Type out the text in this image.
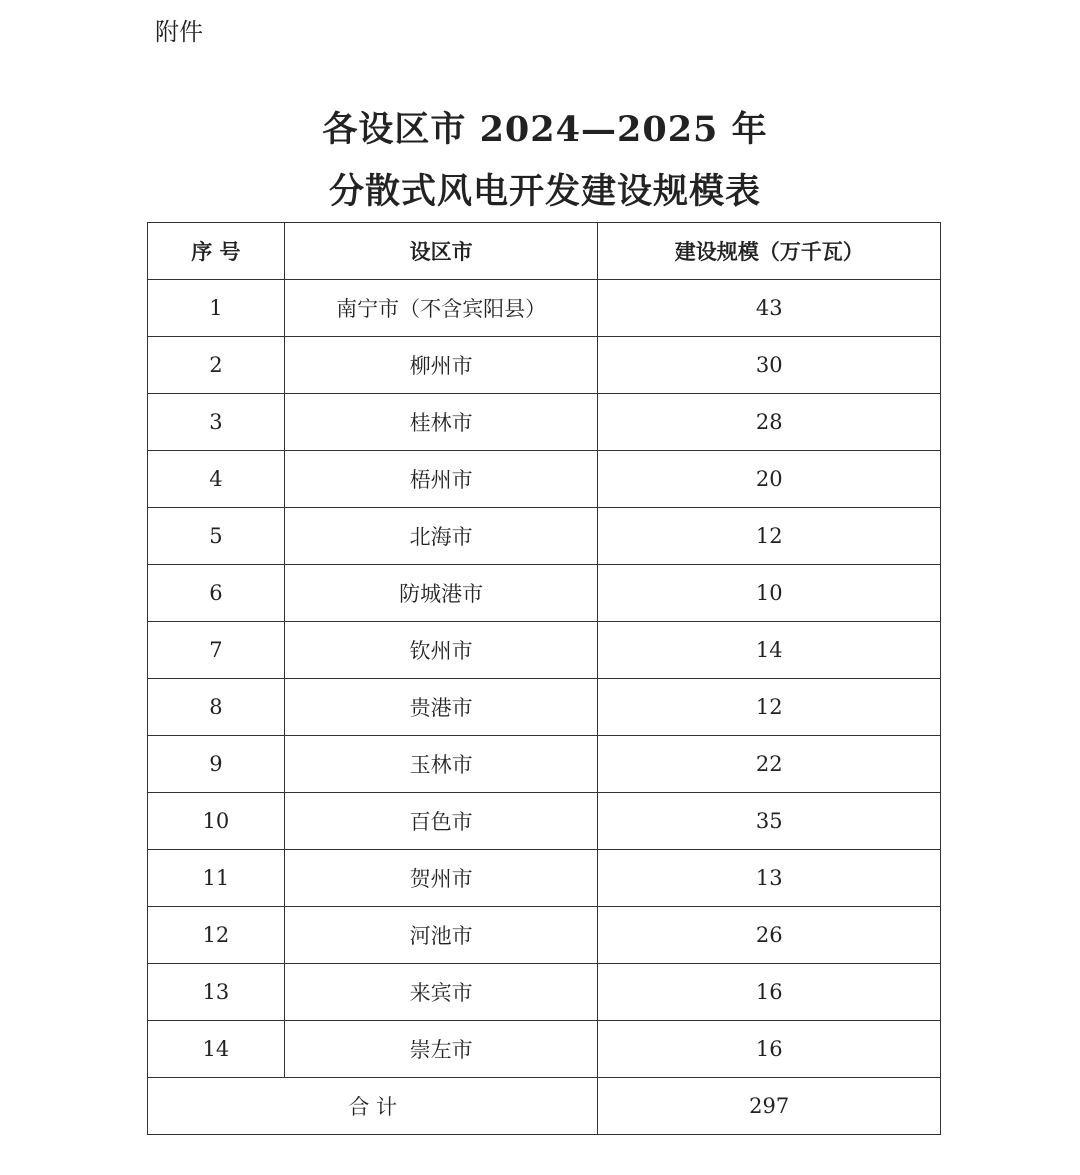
附件
各设区市 2024—2025 年
分散式风电开发建设规模表
序 号	设区市	建设规模（万千瓦）
1	南宁市（不含宾阳县）	43
2	柳州市	30
3	桂林市	28
4	梧州市	20
5	北海市	12
6	防城港市	10
7	钦州市	14
8	贵港市	12
9	玉林市	22
10	百色市	35
11	贺州市	13
12	河池市	26
13	来宾市	16
14	崇左市	16
合 计		297
